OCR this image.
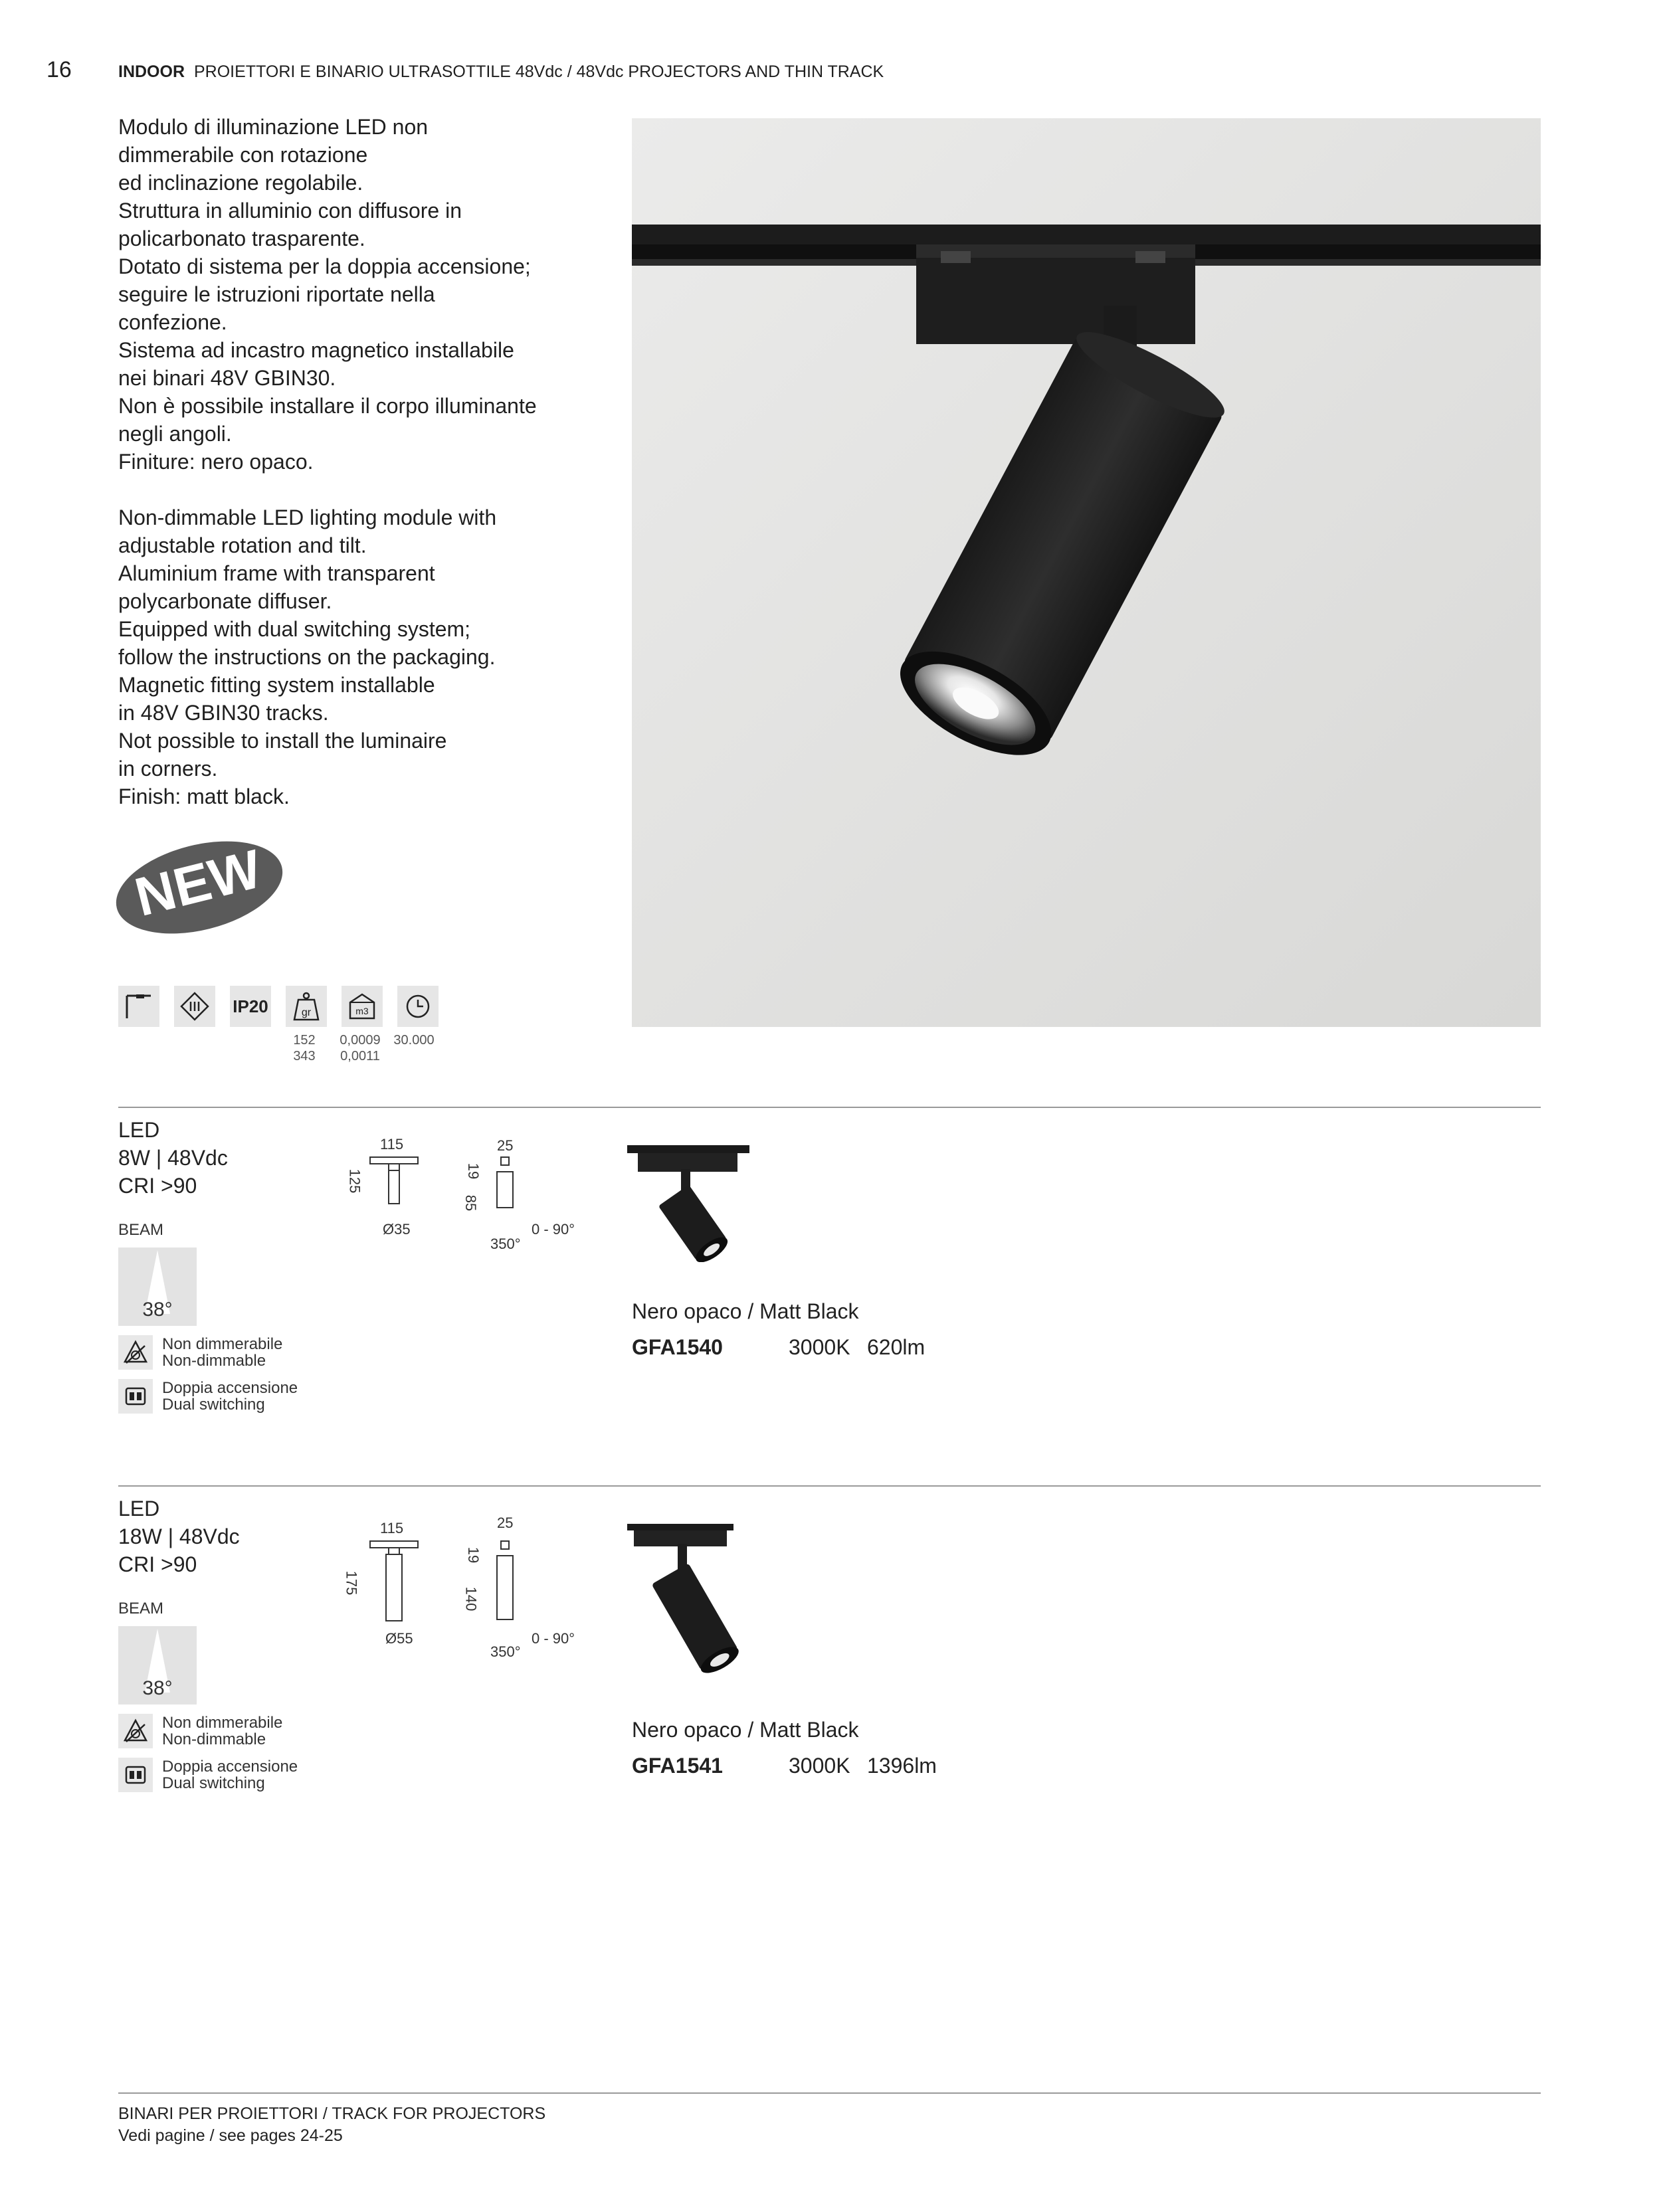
16	INDOOR PROIETTORI E BINARIO ULTRASOTTILE 48Vdc / 48Vdc PROJECTORS AND THIN TRACK

Modulo di illuminazione LED non

dimmerabile con rotazione

ed inclinazione regolabile.

Struttura in alluminio con diffusore in

policarbonato trasparente.

Dotato di sistema per la doppia accensione;

seguire le istruzioni riportate nella

confezione.

Sistema ad incastro magnetico installabile

nei binari 48V GBIN30.

Non è possibile installare il corpo illuminante

negli angoli.

Finiture: nero opaco.

Non-dimmable LED lighting module with

adjustable rotation and tilt.

Aluminium frame with transparent

polycarbonate diffuser.

Equipped with dual switching system;

follow the instructions on the packaging.

Magnetic fitting system installable

in 48V GBIN30 tracks.

Not possible to install the luminaire

in corners.

Finish: matt black.

NEW
IP20	gr	m3
152
343
0,0009
0,0011
30.000
LED
8W | 48Vdc
CRI >90
BEAM
38°
Non dimmerabile
Non-dimmable
Doppia accensione
Dual switching
115
125
Ø35
25
19
85
0 - 90°
350°
Nero opaco / Matt Black
GFA1540	3000K 620lm
LED
18W | 48Vdc
CRI >90
BEAM
38°
Non dimmerabile
Non-dimmable
Doppia accensione
Dual switching
115
175
Ø55
25
19
140
0 - 90°
350°
Nero opaco / Matt Black
GFA1541	3000K 1396lm
BINARI PER PROIETTORI / TRACK FOR PROJECTORS
Vedi pagine / see pages 24-25
